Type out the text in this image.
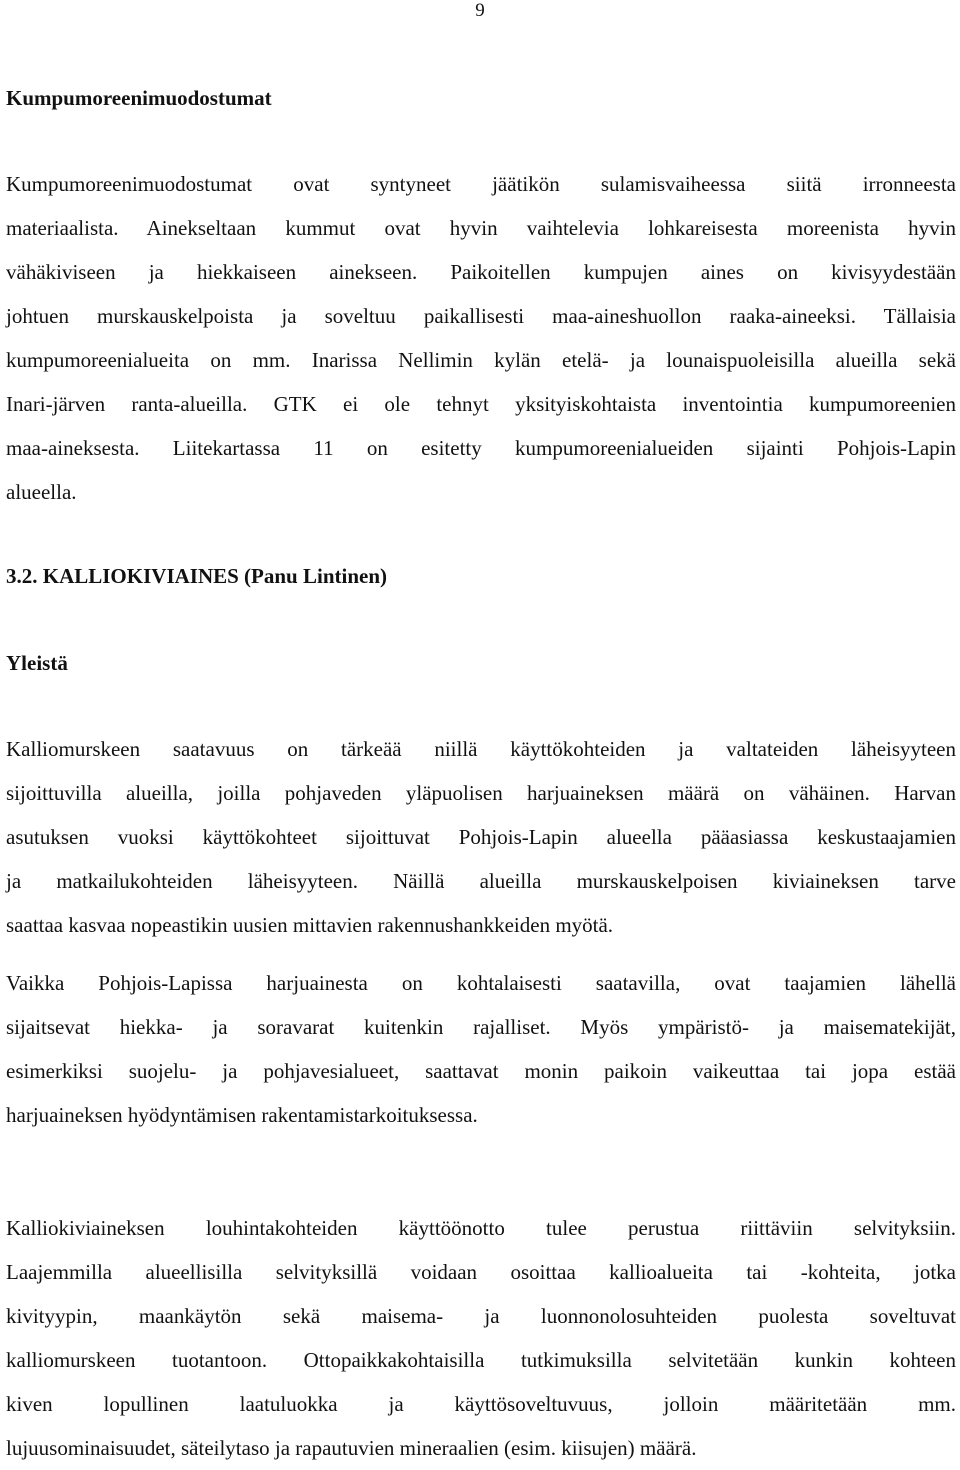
9
Kumpumoreenimuodostumat
Kumpumoreenimuodostumat ovat syntyneet jäätikön sulamisvaiheessa siitä irronneesta
materiaalista. Ainekseltaan kummut ovat hyvin vaihtelevia lohkareisesta moreenista hyvin
vähäkiviseen ja hiekkaiseen ainekseen. Paikoitellen kumpujen aines on kivisyydestään
johtuen murskauskelpoista ja soveltuu paikallisesti maa-aineshuollon raaka-aineeksi. Tällaisia
kumpumoreenialueita on mm. Inarissa Nellimin kylän etelä- ja lounaispuoleisilla alueilla sekä
Inari-järven ranta-alueilla. GTK ei ole tehnyt yksityiskohtaista inventointia kumpumoreenien
maa-aineksesta. Liitekartassa 11 on esitetty kumpumoreenialueiden sijainti Pohjois-Lapin
alueella.
3.2. KALLIOKIVIAINES (Panu Lintinen)
Yleistä
Kalliomurskeen saatavuus on tärkeää niillä käyttökohteiden ja valtateiden läheisyyteen
sijoittuvilla alueilla, joilla pohjaveden yläpuolisen harjuaineksen määrä on vähäinen. Harvan
asutuksen vuoksi käyttökohteet sijoittuvat Pohjois-Lapin alueella pääasiassa keskustaajamien
ja matkailukohteiden läheisyyteen. Näillä alueilla murskauskelpoisen kiviaineksen tarve
saattaa kasvaa nopeastikin uusien mittavien rakennushankkeiden myötä.
Vaikka Pohjois-Lapissa harjuainesta on kohtalaisesti saatavilla, ovat taajamien lähellä
sijaitsevat hiekka- ja soravarat kuitenkin rajalliset. Myös ympäristö- ja maisematekijät,
esimerkiksi suojelu- ja pohjavesialueet, saattavat monin paikoin vaikeuttaa tai jopa estää
harjuaineksen hyödyntämisen rakentamistarkoituksessa.
Kalliokiviaineksen louhintakohteiden käyttöönotto tulee perustua riittäviin selvityksiin.
Laajemmilla alueellisilla selvityksillä voidaan osoittaa kallioalueita tai -kohteita, jotka
kivityypin, maankäytön sekä maisema- ja luonnonolosuhteiden puolesta soveltuvat
kalliomurskeen tuotantoon. Ottopaikkakohtaisilla tutkimuksilla selvitetään kunkin kohteen
kiven lopullinen laatuluokka ja käyttösoveltuvuus, jolloin määritetään mm.
lujuusominaisuudet, säteilytaso ja rapautuvien mineraalien (esim. kiisujen) määrä.
